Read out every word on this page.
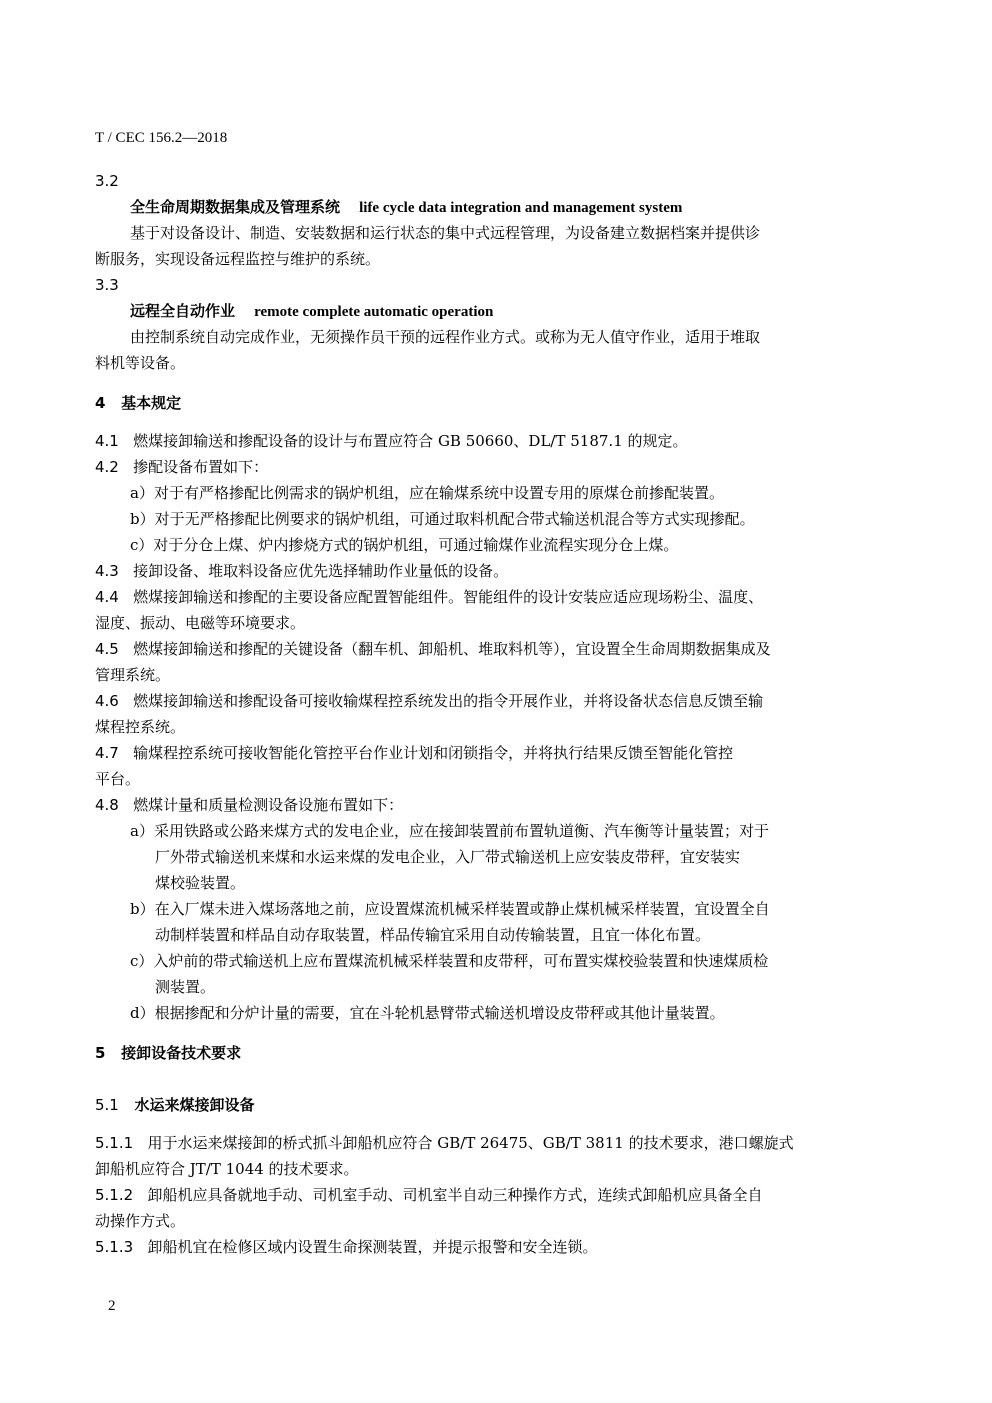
T / CEC 156.2—2018
3.2
全生命周期数据集成及管理系统 life cycle data integration and management system
基于对设备设计、制造、安装数据和运行状态的集中式远程管理，为设备建立数据档案并提供诊
断服务，实现设备远程监控与维护的系统。
3.3
远程全自动作业 remote complete automatic operation
由控制系统自动完成作业，无须操作员干预的远程作业方式。或称为无人值守作业，适用于堆取
料机等设备。
4 基本规定
4.1 燃煤接卸输送和掺配设备的设计与布置应符合 GB 50660、DL/T 5187.1 的规定。
4.2 掺配设备布置如下：
a）对于有严格掺配比例需求的锅炉机组，应在输煤系统中设置专用的原煤仓前掺配装置。
b）对于无严格掺配比例要求的锅炉机组，可通过取料机配合带式输送机混合等方式实现掺配。
c）对于分仓上煤、炉内掺烧方式的锅炉机组，可通过输煤作业流程实现分仓上煤。
4.3 接卸设备、堆取料设备应优先选择辅助作业量低的设备。
4.4 燃煤接卸输送和掺配的主要设备应配置智能组件。智能组件的设计安装应适应现场粉尘、温度、
湿度、振动、电磁等环境要求。
4.5 燃煤接卸输送和掺配的关键设备（翻车机、卸船机、堆取料机等），宜设置全生命周期数据集成及
管理系统。
4.6 燃煤接卸输送和掺配设备可接收输煤程控系统发出的指令开展作业，并将设备状态信息反馈至输
煤程控系统。
4.7 输煤程控系统可接收智能化管控平台作业计划和闭锁指令，并将执行结果反馈至智能化管控
平台。
4.8 燃煤计量和质量检测设备设施布置如下：
a）采用铁路或公路来煤方式的发电企业，应在接卸装置前布置轨道衡、汽车衡等计量装置；对于
厂外带式输送机来煤和水运来煤的发电企业，入厂带式输送机上应安装皮带秤，宜安装实
煤校验装置。
b）在入厂煤未进入煤场落地之前，应设置煤流机械采样装置或静止煤机械采样装置，宜设置全自
动制样装置和样品自动存取装置，样品传输宜采用自动传输装置，且宜一体化布置。
c）入炉前的带式输送机上应布置煤流机械采样装置和皮带秤，可布置实煤校验装置和快速煤质检
测装置。
d）根据掺配和分炉计量的需要，宜在斗轮机悬臂带式输送机增设皮带秤或其他计量装置。
5 接卸设备技术要求
5.1 水运来煤接卸设备
5.1.1 用于水运来煤接卸的桥式抓斗卸船机应符合 GB/T 26475、GB/T 3811 的技术要求，港口螺旋式
卸船机应符合 JT/T 1044 的技术要求。
5.1.2 卸船机应具备就地手动、司机室手动、司机室半自动三种操作方式，连续式卸船机应具备全自
动操作方式。
5.1.3 卸船机宜在检修区域内设置生命探测装置，并提示报警和安全连锁。
2
